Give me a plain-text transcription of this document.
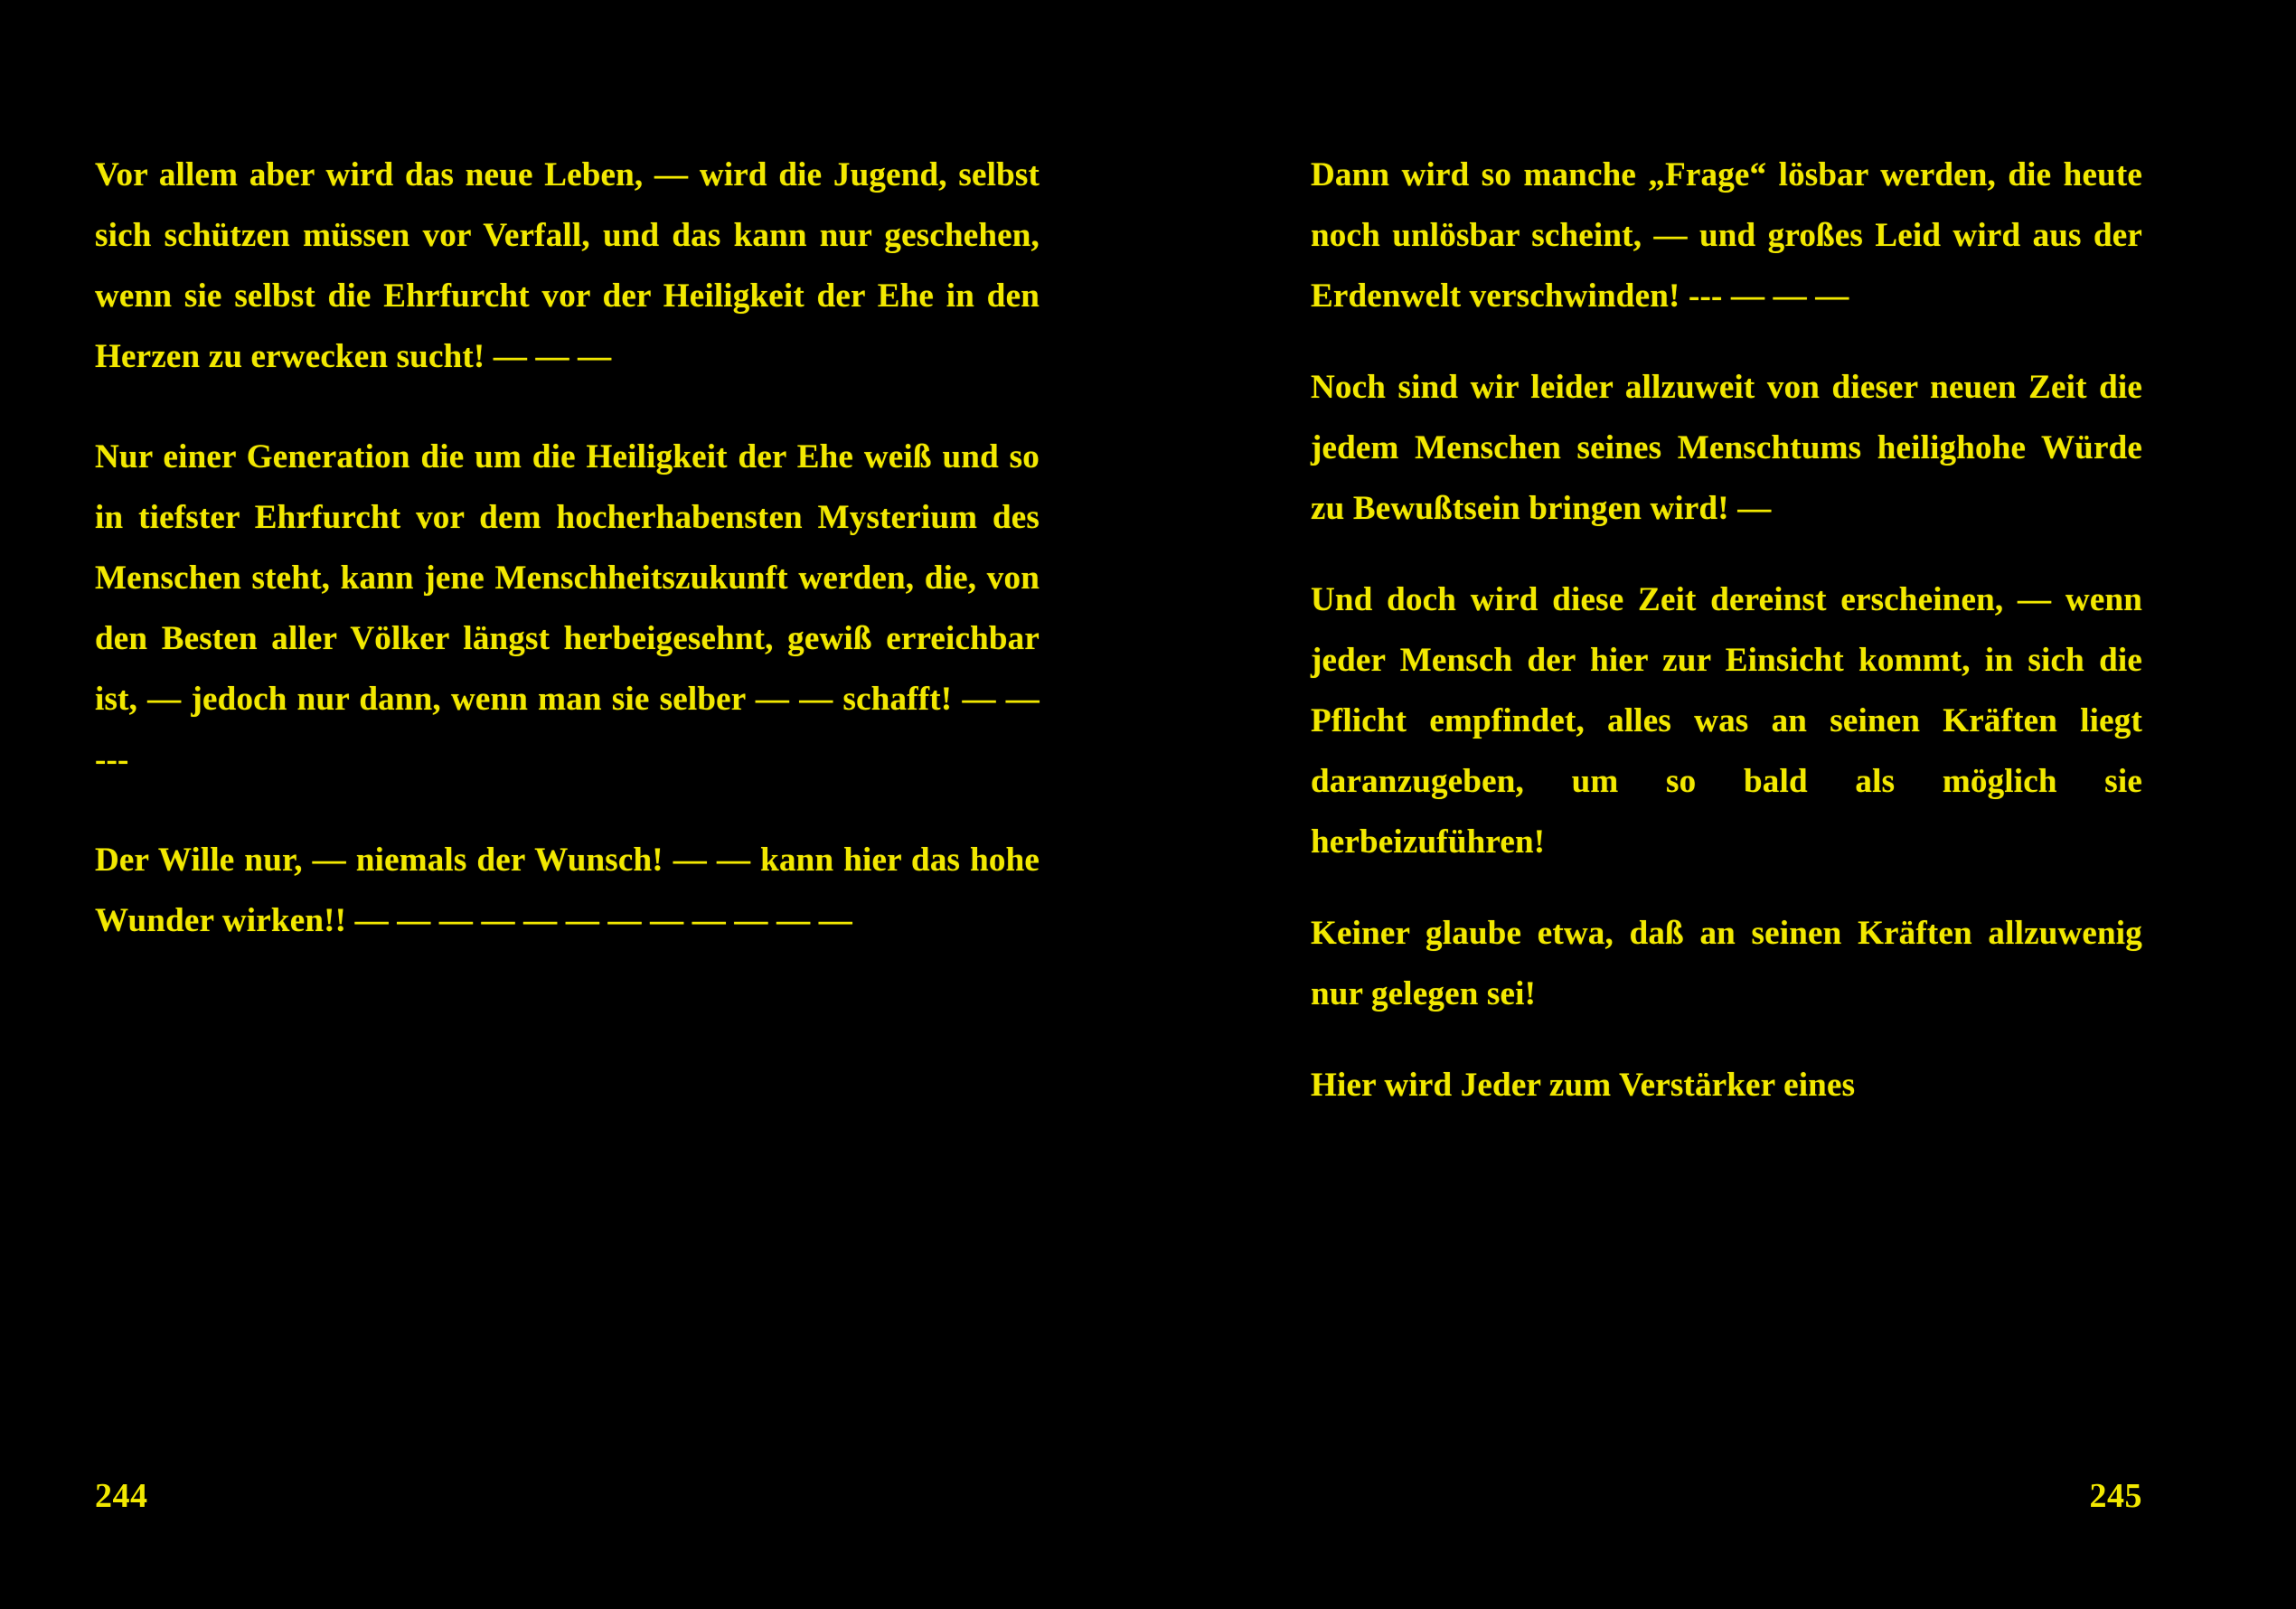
Vor allem aber wird das neue Leben, — wird die Jugend, selbst sich schützen müssen vor Verfall, und das kann nur geschehen, wenn sie selbst die Ehrfurcht vor der Heiligkeit der Ehe in den Herzen zu erwecken sucht! — — —

Nur einer Generation die um die Heiligkeit der Ehe weiß und so in tiefster Ehrfurcht vor dem hocherhabensten Mysterium des Menschen steht, kann jene Menschheitszukunft werden, die, von den Besten aller Völker längst herbeigesehnt, gewiß erreichbar ist, — jedoch nur dann, wenn man sie selber — — schafft! — — ---

Der Wille nur, — niemals der Wunsch! — — kann hier das hohe Wunder wirken!! — — — — — — — — — — — —

244

Dann wird so manche „Frage“ lösbar werden, die heute noch unlösbar scheint, — und großes Leid wird aus der Erdenwelt verschwinden! --- — — —

Noch sind wir leider allzuweit von dieser neuen Zeit die jedem Menschen seines Menschtums heilighohe Würde zu Bewußtsein bringen wird! —

Und doch wird diese Zeit dereinst erscheinen, — wenn jeder Mensch der hier zur Einsicht kommt, in sich die Pflicht empfindet, alles was an seinen Kräften liegt daranzugeben, um so bald als möglich sie herbeizuführen!

Keiner glaube etwa, daß an seinen Kräften allzuwenig nur gelegen sei!

Hier wird Jeder zum Verstärker eines

245
